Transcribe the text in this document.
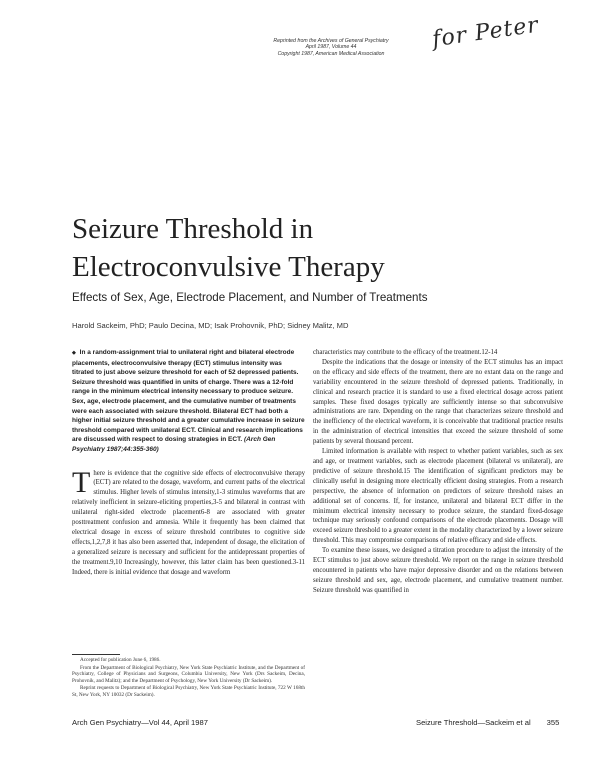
Reprinted from the Archives of General Psychiatry
April 1987, Volume 44
Copyright 1987, American Medical Association
for Peter
Seizure Threshold in
Electroconvulsive Therapy
Effects of Sex, Age, Electrode Placement, and Number of Treatments
Harold Sackeim, PhD; Paulo Decina, MD; Isak Prohovnik, PhD; Sidney Malitz, MD

◆ In a random-assignment trial to unilateral right and bilateral electrode placements, electroconvulsive therapy (ECT) stimulus intensity was titrated to just above seizure threshold for each of 52 depressed patients. Seizure threshold was quantified in units of charge. There was a 12-fold range in the minimum electrical intensity necessary to produce seizure. Sex, age, electrode placement, and the cumulative number of treatments were each associated with seizure threshold. Bilateral ECT had both a higher initial seizure threshold and a greater cumulative increase in seizure threshold compared with unilateral ECT. Clinical and research implications are discussed with respect to dosing strategies in ECT. (Arch Gen Psychiatry 1987;44:355-360)

There is evidence that the cognitive side effects of electroconvulsive therapy (ECT) are related to the dosage, waveform, and current paths of the electrical stimulus. Higher levels of stimulus intensity,1-3 stimulus waveforms that are relatively inefficient in seizure-eliciting properties,3-5 and bilateral in contrast with unilateral right-sided electrode placement6-8 are associated with greater posttreatment confusion and amnesia. While it frequently has been claimed that electrical dosage in excess of seizure threshold contributes to cognitive side effects,1,2,7,8 it has also been asserted that, independent of dosage, the elicitation of a generalized seizure is necessary and sufficient for the antidepressant properties of the treatment.9,10 Increasingly, however, this latter claim has been questioned.3-11 Indeed, there is initial evidence that dosage and waveform

Accepted for publication June 6, 1986.

From the Department of Biological Psychiatry, New York State Psychiatric Institute, and the Department of Psychiatry, College of Physicians and Surgeons, Columbia University, New York (Drs Sackeim, Decina, Prohovnik, and Malitz); and the Department of Psychology, New York University (Dr Sackeim).

Reprint requests to Department of Biological Psychiatry, New York State Psychiatric Institute, 722 W 168th St, New York, NY 10032 (Dr Sackeim).

characteristics may contribute to the efficacy of the treatment.12-14

Despite the indications that the dosage or intensity of the ECT stimulus has an impact on the efficacy and side effects of the treatment, there are no extant data on the range and variability encountered in the seizure threshold of depressed patients. Traditionally, in clinical and research practice it is standard to use a fixed electrical dosage across patient samples. These fixed dosages typically are sufficiently intense so that subconvulsive administrations are rare. Depending on the range that characterizes seizure threshold and the inefficiency of the electrical waveform, it is conceivable that traditional practice results in the administration of electrical intensities that exceed the seizure threshold of some patients by several thousand percent.

Limited information is available with respect to whether patient variables, such as sex and age, or treatment variables, such as electrode placement (bilateral vs unilateral), are predictive of seizure threshold.15 The identification of significant predictors may be clinically useful in designing more electrically efficient dosing strategies. From a research perspective, the absence of information on predictors of seizure threshold raises an additional set of concerns. If, for instance, unilateral and bilateral ECT differ in the minimum electrical intensity necessary to produce seizure, the standard fixed-dosage technique may seriously confound comparisons of the electrode placements. Dosage will exceed seizure threshold to a greater extent in the modality characterized by a lower seizure threshold. This may compromise comparisons of relative efficacy and side effects.

To examine these issues, we designed a titration procedure to adjust the intensity of the ECT stimulus to just above seizure threshold. We report on the range in seizure threshold encountered in patients who have major depressive disorder and on the relations between seizure threshold and sex, age, electrode placement, and cumulative treatment number. Seizure threshold was quantified in

Arch Gen Psychiatry—Vol 44, April 1987	Seizure Threshold—Sackeim et al 355
